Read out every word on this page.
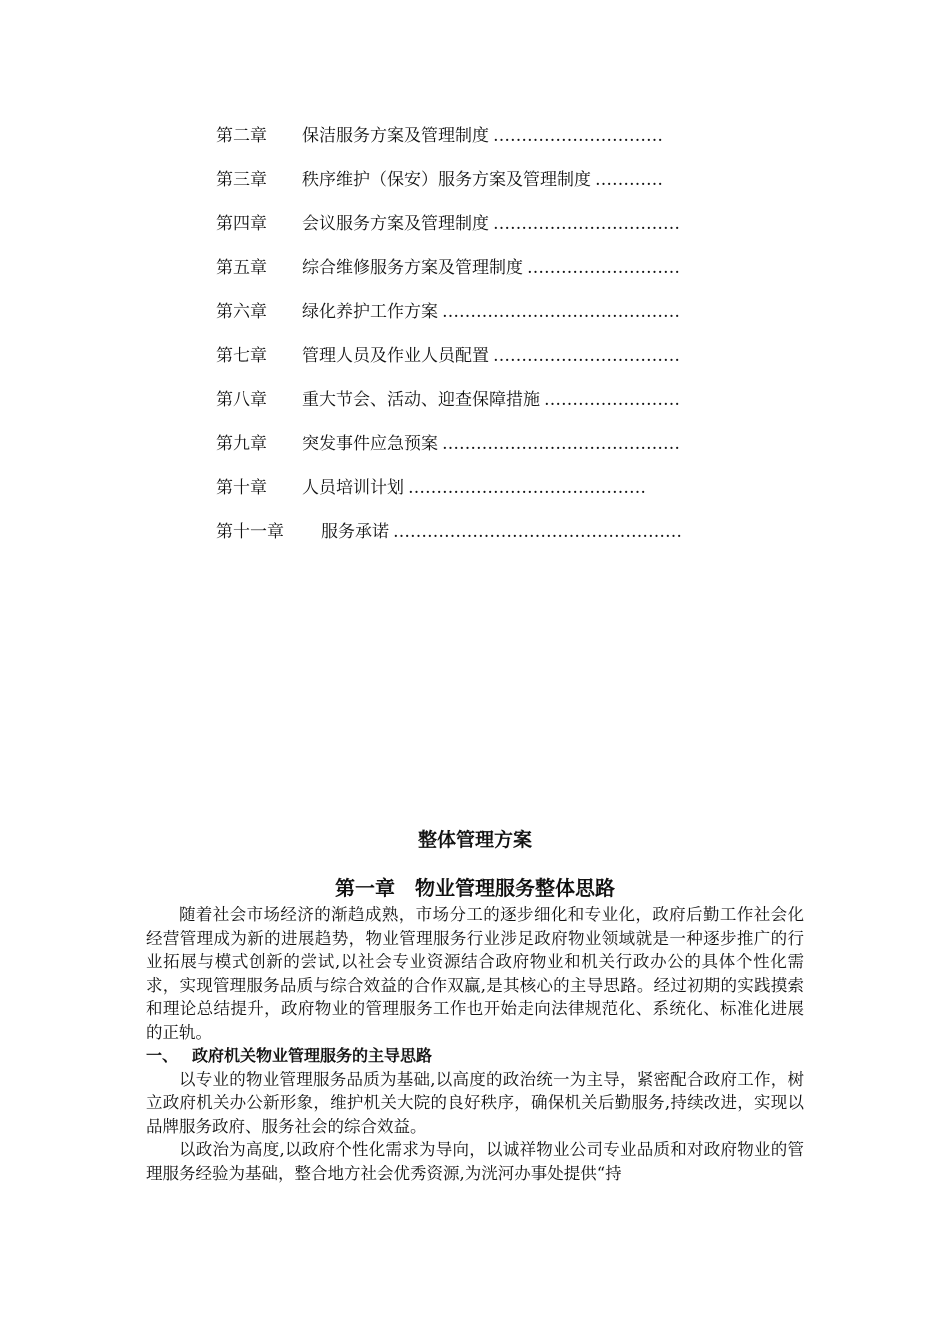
第二章	保洁服务方案及管理制度 …………………………
第三章	秩序维护（保安）服务方案及管理制度 …………
第四章	会议服务方案及管理制度 ……………………………
第五章	综合维修服务方案及管理制度 ………………………
第六章	绿化养护工作方案 ……………………………………
第七章	管理人员及作业人员配置 ……………………………
第八章	重大节会、活动、迎查保障措施 ……………………
第九章	突发事件应急预案 ……………………………………
第十章	人员培训计划 ……………………………………
第十一章	服务承诺 ……………………………………………
整体管理方案
第一章　物业管理服务整体思路

随着社会市场经济的渐趋成熟，市场分工的逐步细化和专业化，政府后勤工作社会化经营管理成为新的进展趋势，物业管理服务行业涉足政府物业领域就是一种逐步推广的行业拓展与模式创新的尝试,以社会专业资源结合政府物业和机关行政办公的具体个性化需求，实现管理服务品质与综合效益的合作双赢,是其核心的主导思路。经过初期的实践摸索和理论总结提升，政府物业的管理服务工作也开始走向法律规范化、系统化、标准化进展的正轨。

一、 政府机关物业管理服务的主导思路

以专业的物业管理服务品质为基础,以高度的政治统一为主导，紧密配合政府工作，树立政府机关办公新形象，维护机关大院的良好秩序，确保机关后勤服务,持续改进，实现以品牌服务政府、服务社会的综合效益。

以政治为高度,以政府个性化需求为导向，以诚祥物业公司专业品质和对政府物业的管理服务经验为基础，整合地方社会优秀资源,为洸河办事处提供“持
